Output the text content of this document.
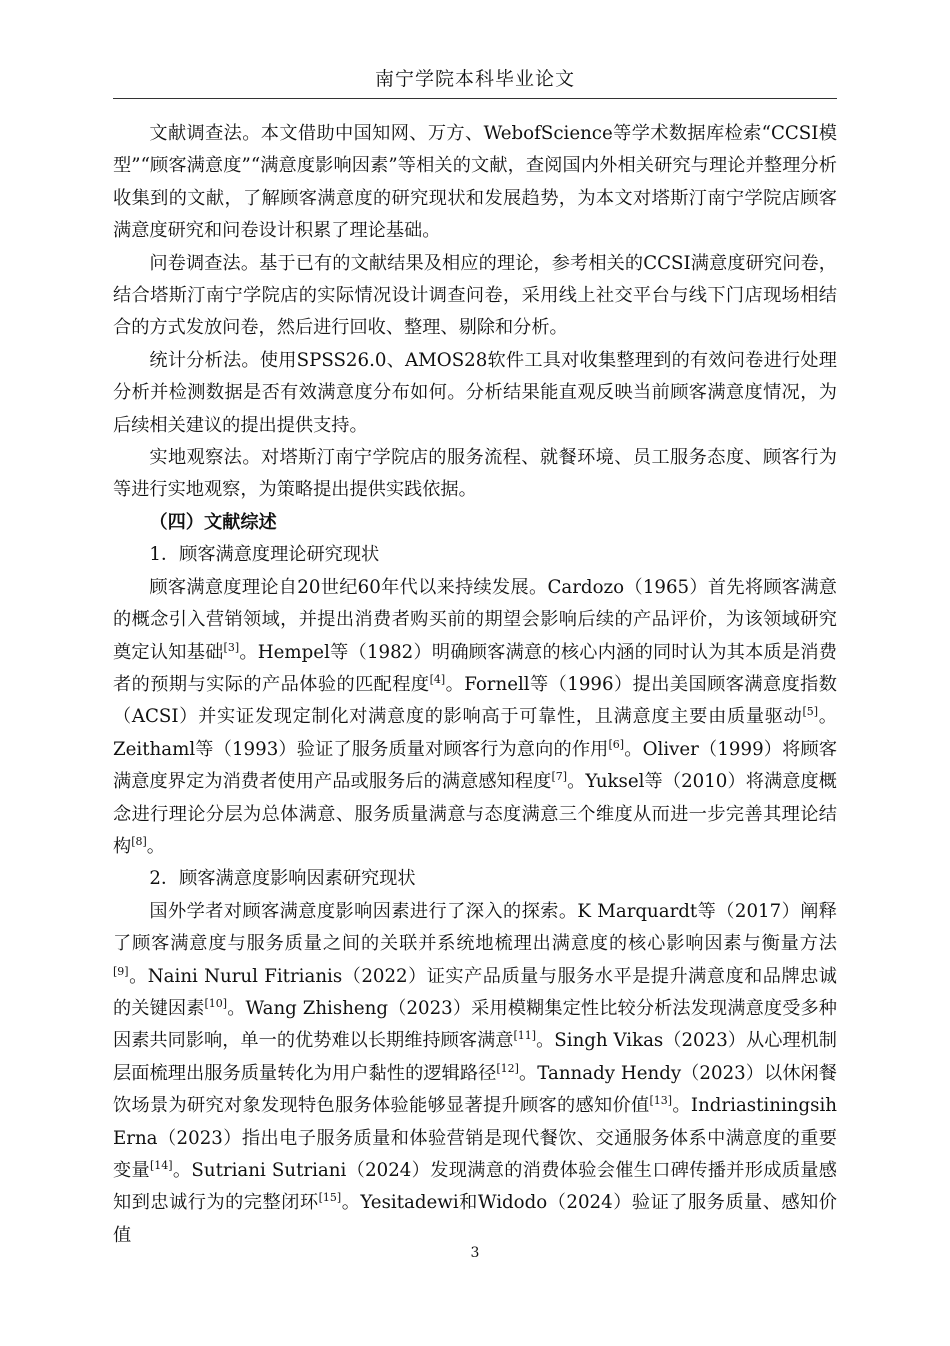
南宁学院本科毕业论文

文献调查法。本文借助中国知网、万方、WebofScience等学术数据库检索“CCSI模型”“顾客满意度”“满意度影响因素”等相关的文献，查阅国内外相关研究与理论并整理分析收集到的文献，了解顾客满意度的研究现状和发展趋势，为本文对塔斯汀南宁学院店顾客满意度研究和问卷设计积累了理论基础。

问卷调查法。基于已有的文献结果及相应的理论，参考相关的CCSI满意度研究问卷，结合塔斯汀南宁学院店的实际情况设计调查问卷，采用线上社交平台与线下门店现场相结合的方式发放问卷，然后进行回收、整理、剔除和分析。

统计分析法。使用SPSS26.0、AMOS28软件工具对收集整理到的有效问卷进行处理分析并检测数据是否有效满意度分布如何。分析结果能直观反映当前顾客满意度情况，为后续相关建议的提出提供支持。

实地观察法。对塔斯汀南宁学院店的服务流程、就餐环境、员工服务态度、顾客行为等进行实地观察，为策略提出提供实践依据。

（四）文献综述

1．顾客满意度理论研究现状

顾客满意度理论自20世纪60年代以来持续发展。Cardozo（1965）首先将顾客满意的概念引入营销领域，并提出消费者购买前的期望会影响后续的产品评价，为该领域研究奠定认知基础[3]。Hempel等（1982）明确顾客满意的核心内涵的同时认为其本质是消费者的预期与实际的产品体验的匹配程度[4]。Fornell等（1996）提出美国顾客满意度指数（ACSI）并实证发现定制化对满意度的影响高于可靠性，且满意度主要由质量驱动[5]。Zeithaml等（1993）验证了服务质量对顾客行为意向的作用[6]。Oliver（1999）将顾客满意度界定为消费者使用产品或服务后的满意感知程度[7]。Yuksel等（2010）将满意度概念进行理论分层为总体满意、服务质量满意与态度满意三个维度从而进一步完善其理论结构[8]。

2．顾客满意度影响因素研究现状

国外学者对顾客满意度影响因素进行了深入的探索。K Marquardt等（2017）阐释了顾客满意度与服务质量之间的关联并系统地梳理出满意度的核心影响因素与衡量方法[9]。Naini Nurul Fitrianis（2022）证实产品质量与服务水平是提升满意度和品牌忠诚的关键因素[10]。Wang Zhisheng（2023）采用模糊集定性比较分析法发现满意度受多种因素共同影响，单一的优势难以长期维持顾客满意[11]。Singh Vikas（2023）从心理机制层面梳理出服务质量转化为用户黏性的逻辑路径[12]。Tannady Hendy（2023）以休闲餐饮场景为研究对象发现特色服务体验能够显著提升顾客的感知价值[13]。Indriastiningsih Erna（2023）指出电子服务质量和体验营销是现代餐饮、交通服务体系中满意度的重要变量[14]。Sutriani Sutriani（2024）发现满意的消费体验会催生口碑传播并形成质量感知到忠诚行为的完整闭环[15]。Yesitadewi和Widodo（2024）验证了服务质量、感知价值

3
